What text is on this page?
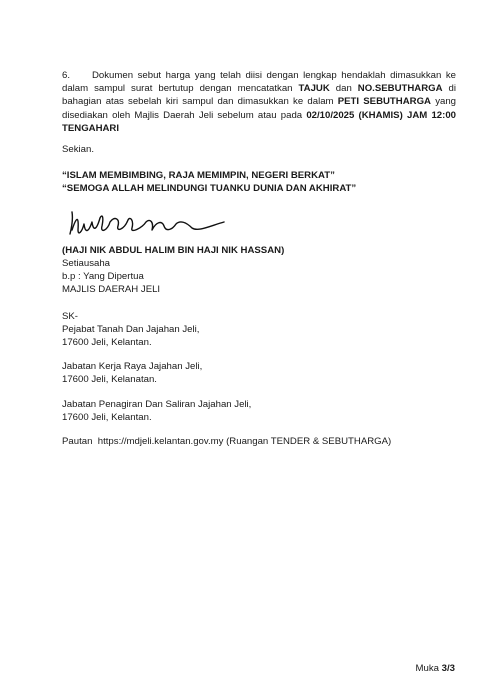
6. Dokumen sebut harga yang telah diisi dengan lengkap hendaklah dimasukkan ke dalam sampul surat bertutup dengan mencatatkan TAJUK dan NO.SEBUTHARGA di bahagian atas sebelah kiri sampul dan dimasukkan ke dalam PETI SEBUTHARGA yang disediakan oleh Majlis Daerah Jeli sebelum atau pada 02/10/2025 (KHAMIS) JAM 12:00 TENGAHARI

Sekian.
“ISLAM MEMBIMBING, RAJA MEMIMPIN, NEGERI BERKAT”
“SEMOGA ALLAH MELINDUNGI TUANKU DUNIA DAN AKHIRAT”
(HAJI NIK ABDUL HALIM BIN HAJI NIK HASSAN)
Setiausaha
b.p : Yang Dipertua
MAJLIS DAERAH JELI
SK-
Pejabat Tanah Dan Jajahan Jeli,
17600 Jeli, Kelantan.
Jabatan Kerja Raya Jajahan Jeli,
17600 Jeli, Kelanatan.
Jabatan Penagiran Dan Saliran Jajahan Jeli,
17600 Jeli, Kelantan.
Pautan https://mdjeli.kelantan.gov.my (Ruangan TENDER & SEBUTHARGA)
Muka 3/3
